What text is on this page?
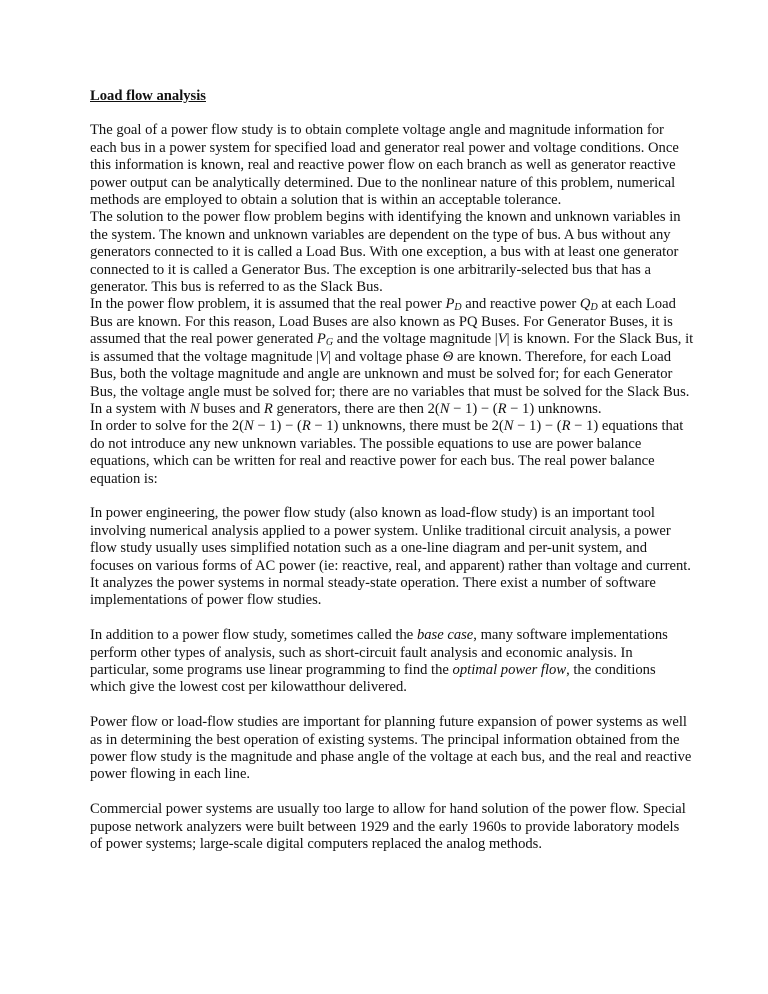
Load flow analysis
The goal of a power flow study is to obtain complete voltage angle and magnitude information for each bus in a power system for specified load and generator real power and voltage conditions. Once this information is known, real and reactive power flow on each branch as well as generator reactive power output can be analytically determined. Due to the nonlinear nature of this problem, numerical methods are employed to obtain a solution that is within an acceptable tolerance.
The solution to the power flow problem begins with identifying the known and unknown variables in the system. The known and unknown variables are dependent on the type of bus. A bus without any generators connected to it is called a Load Bus. With one exception, a bus with at least one generator connected to it is called a Generator Bus. The exception is one arbitrarily-selected bus that has a generator. This bus is referred to as the Slack Bus.
In the power flow problem, it is assumed that the real power $P_D$ and reactive power $Q_D$ at each Load Bus are known. For this reason, Load Buses are also known as PQ Buses. For Generator Buses, it is assumed that the real power generated $P_G$ and the voltage magnitude |V| is known. For the Slack Bus, it is assumed that the voltage magnitude |V| and voltage phase Θ are known. Therefore, for each Load Bus, both the voltage magnitude and angle are unknown and must be solved for; for each Generator Bus, the voltage angle must be solved for; there are no variables that must be solved for the Slack Bus. In a system with N buses and R generators, there are then 2(N − 1) − (R − 1) unknowns.
In order to solve for the 2(N − 1) − (R − 1) unknowns, there must be 2(N − 1) − (R − 1) equations that do not introduce any new unknown variables. The possible equations to use are power balance equations, which can be written for real and reactive power for each bus. The real power balance equation is:
In power engineering, the power flow study (also known as load-flow study) is an important tool involving numerical analysis applied to a power system. Unlike traditional circuit analysis, a power flow study usually uses simplified notation such as a one-line diagram and per-unit system, and focuses on various forms of AC power (ie: reactive, real, and apparent) rather than voltage and current. It analyzes the power systems in normal steady-state operation. There exist a number of software implementations of power flow studies.
In addition to a power flow study, sometimes called the base case, many software implementations perform other types of analysis, such as short-circuit fault analysis and economic analysis. In particular, some programs use linear programming to find the optimal power flow, the conditions which give the lowest cost per kilowatthour delivered.
Power flow or load-flow studies are important for planning future expansion of power systems as well as in determining the best operation of existing systems. The principal information obtained from the power flow study is the magnitude and phase angle of the voltage at each bus, and the real and reactive power flowing in each line.
Commercial power systems are usually too large to allow for hand solution of the power flow. Special pupose network analyzers were built between 1929 and the early 1960s to provide laboratory models of power systems; large-scale digital computers replaced the analog methods.
